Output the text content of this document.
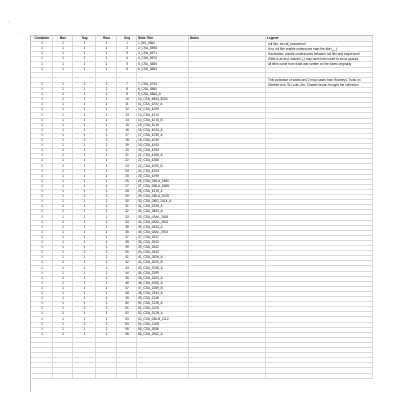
´
´	Container	Box	Tray	Row	Seq	Slide Title	Notes	Legend
1	1	1	1	1	1_BG_0562
1	1	1	1	2	2_CSA_5598
1	1	1	1	3	3_CSA_5571
1	1	1	1	4	4_CSA_5570
1	1	1	1	5	5_CSA_5556
1	1	1	1	6	6_CSA_5853
1	1	1	1	7	7_CSA_5794
1	1	1	1	8	8_CSA_5560
1	1	1	1	9	9_CSA_5864_A
1	1	1	1	10	10_CSA_5864_5034
1	1	1	1	11	11_CSA_4202_A
1	1	1	1	12	12_CSA_4205
1	1	1	1	13	13_CSA_4213
1	1	1	1	14	14_CSA_4216_B
1	1	1	1	15	15_CSA_4216
1	1	1	1	16	16_CSA_4234_A
1	1	1	1	17	17_CSA_4235_A
1	1	1	1	18	18_CSA_4240
1	1	1	1	19	19_CSA_4243
1	1	1	1	20	20_CSA_4252
1	1	1	1	21	21_CSA_4266_A
1	1	1	1	22	22_CSA_4288
1	1	1	1	23	23_CSA_4290_B
1	1	1	1	24	24_CSA_4293
1	1	1	1	25	25_CSA_4295
1	1	1	1	26	26_CSA_DBLA_1680
1	1	1	1	27	27_CSA_DBLA_1688
1	1	1	1	28	28_CSA_4315_A
1	1	1	1	29	29_CSA_DBLA_2028
1	1	1	1	30	30_CSA_DBG_2014_A
1	1	1	1	31	31_CSA_2336_A
1	1	1	1	32	32_CSA_2862_A
1	1	1	1	33	33_CSA_LBAL_2645
1	1	1	1	34	34_CSA_LBAL_2641
1	1	1	1	35	35_CSA_2643_A
1	1	1	1	36	36_CSA_LBAL_2501
1	1	1	1	37	37_CSA_2537
1	1	1	1	38	38_CSA_2540
1	1	1	1	39	39_CSA_2542
1	1	1	1	40	40_CSA_2542
1	1	1	1	41	41_CSA_2526_A
1	1	1	1	42	42_CSA_2526_B
1	1	1	1	43	43_CSA_2298_A
1	1	1	1	44	44_CSA_2299
1	1	1	1	45	45_CSA_2264_A
1	1	1	1	46	46_CSA_2265_A
1	1	1	1	47	47_CSA_2269_B
1	1	1	1	48	48_CSA_2344_A
1	1	1	1	49	49_CSA_2146
1	1	1	1	50	50_CSA_2128_A
1	1	1	1	51	51_CSA_2125
1	1	1	1	52	52_CSA_2028_A
1	1	1	1	53	53_CSA_DBLB_2112
1	1	1	1	54	54_CSA_2108
1	1	1	1	55	55_CSA_2086
1	1	1	1	56	56_CSA_2062_A
roll film, bs:cdf_sosuserroll
if no roll film enable underscore start the title (__)
if activated, double underscores between roll film and sequence#
if title is all text, dashes (-) may have been used to show spaces
all titles come from what was written on the slides originally
This collection of slides and 2 map cases from Rodney's Trunk on
Streeter Ave, St Louis, Mo. Charles brown brought the collection
